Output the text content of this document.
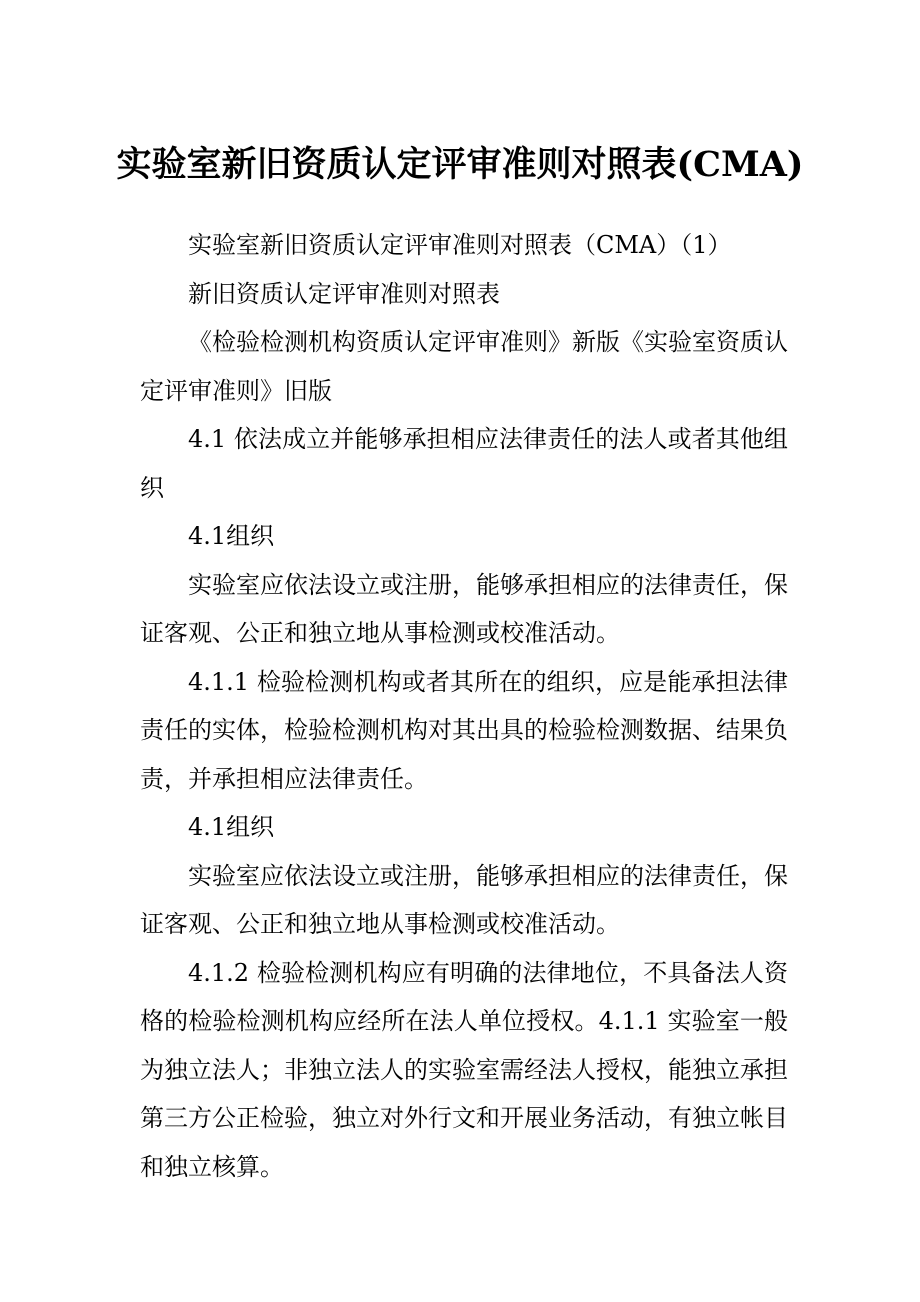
实验室新旧资质认定评审准则对照表(CMA)

实验室新旧资质认定评审准则对照表（CMA）（1）

新旧资质认定评审准则对照表

《检验检测机构资质认定评审准则》新版《实验室资质认定评审准则》旧版

4.1 依法成立并能够承担相应法律责任的法人或者其他组织

4.1组织

实验室应依法设立或注册，能够承担相应的法律责任，保证客观、公正和独立地从事检测或校准活动。

4.1.1 检验检测机构或者其所在的组织，应是能承担法律责任的实体，检验检测机构对其出具的检验检测数据、结果负责，并承担相应法律责任。

4.1组织

实验室应依法设立或注册，能够承担相应的法律责任，保证客观、公正和独立地从事检测或校准活动。

4.1.2 检验检测机构应有明确的法律地位，不具备法人资格的检验检测机构应经所在法人单位授权。4.1.1 实验室一般为独立法人；非独立法人的实验室需经法人授权，能独立承担第三方公正检验，独立对外行文和开展业务活动，有独立帐目和独立核算。
